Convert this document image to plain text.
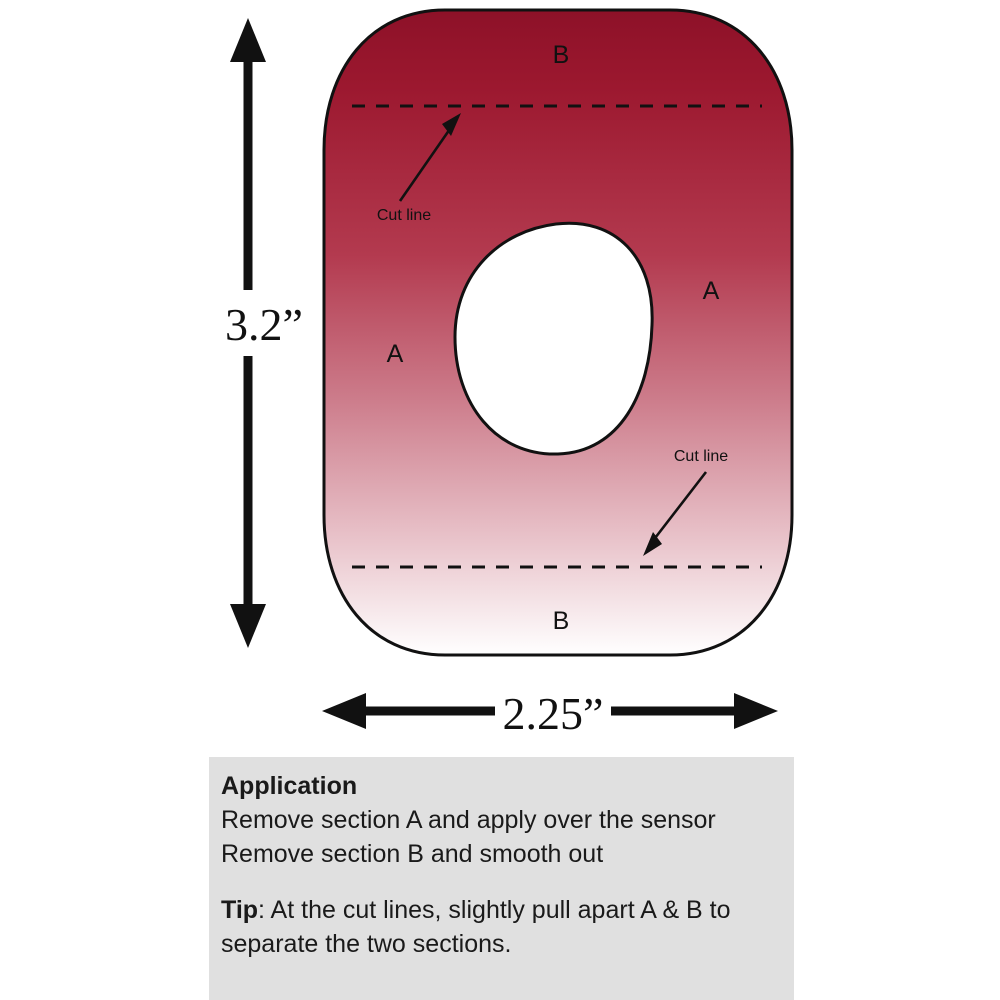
3.2”
2.25”
B
B
A
A
Cut line
Cut line
Application
Remove section A and apply over the sensor
Remove section B and smooth out
Tip: At the cut lines, slightly pull apart A & B to separate the two sections.
